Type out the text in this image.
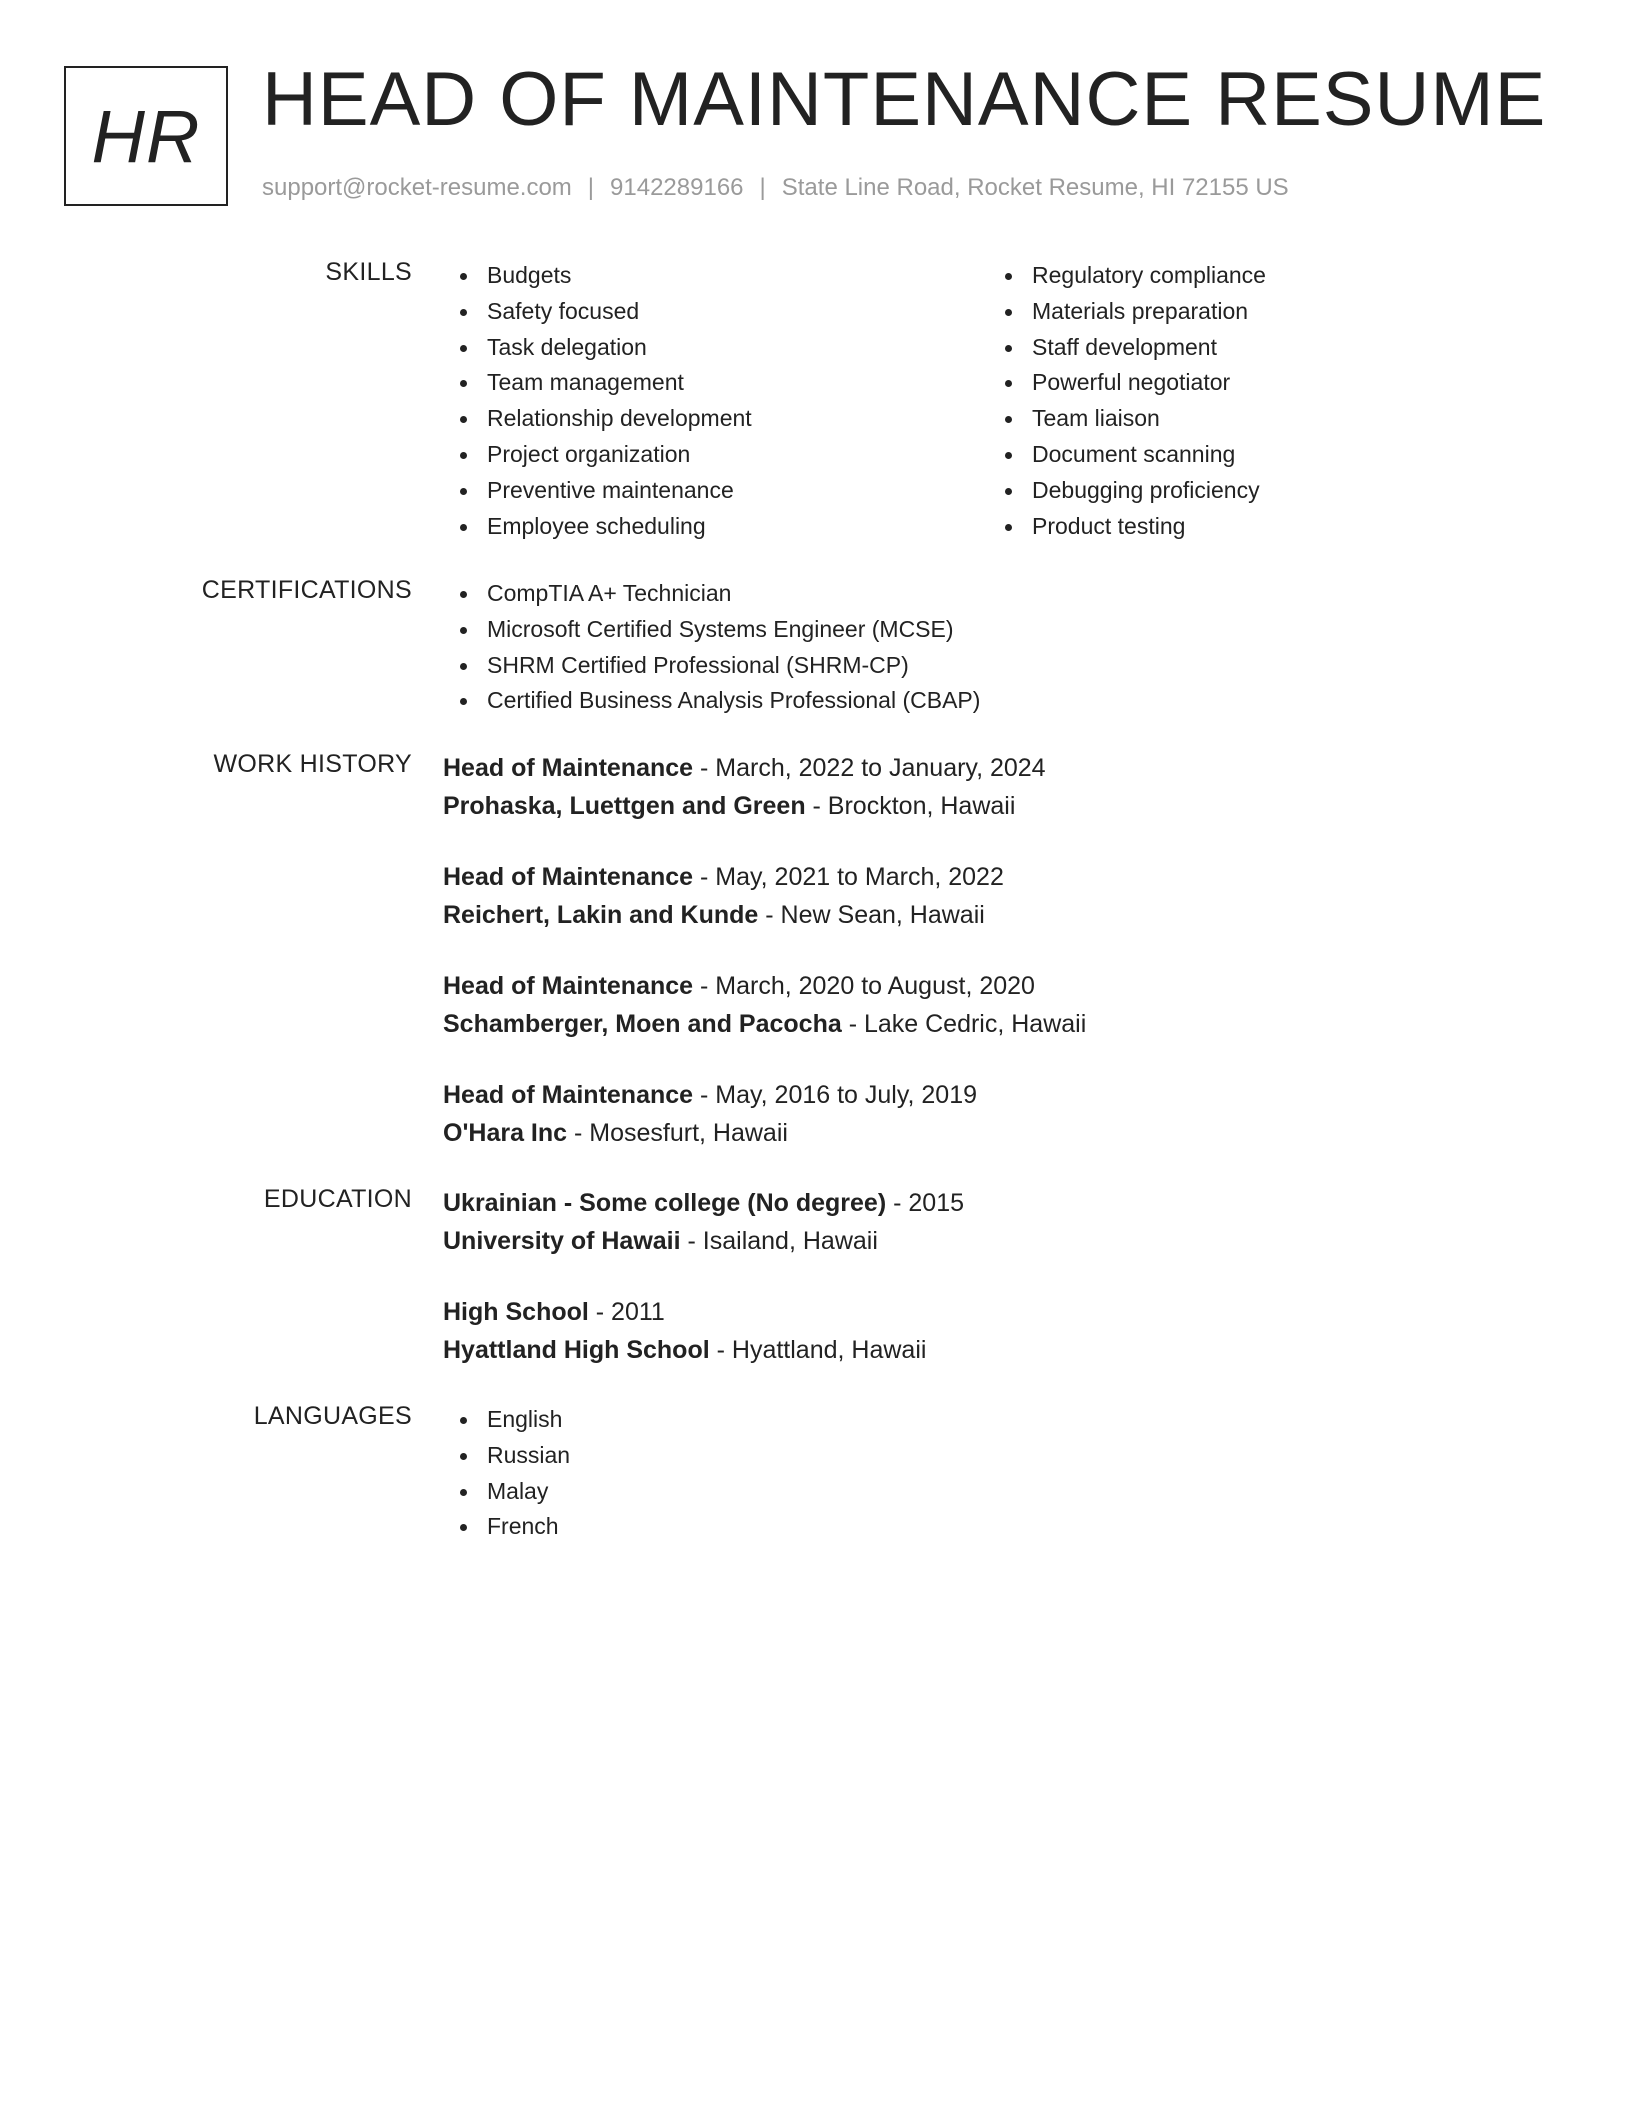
HR HEAD OF MAINTENANCE RESUME
support@rocket-resume.com | 9142289166 | State Line Road, Rocket Resume, HI 72155 US
SKILLS	Budgets
Safety focused
Task delegation
Team management
Relationship development
Project organization
Preventive maintenance
Employee scheduling
Regulatory compliance
Materials preparation
Staff development
Powerful negotiator
Team liaison
Document scanning
Debugging proficiency
Product testing
CERTIFICATIONS	CompTIA A+ Technician
Microsoft Certified Systems Engineer (MCSE)
SHRM Certified Professional (SHRM-CP)
Certified Business Analysis Professional (CBAP)
WORK HISTORY Head of Maintenance - March, 2022 to January, 2024
Prohaska, Luettgen and Green - Brockton, Hawaii
Head of Maintenance - May, 2021 to March, 2022
Reichert, Lakin and Kunde - New Sean, Hawaii
Head of Maintenance - March, 2020 to August, 2020
Schamberger, Moen and Pacocha - Lake Cedric, Hawaii
Head of Maintenance - May, 2016 to July, 2019
O'Hara Inc - Mosesfurt, Hawaii
EDUCATION Ukrainian - Some college (No degree) - 2015
University of Hawaii - Isailand, Hawaii
High School - 2011
Hyattland High School - Hyattland, Hawaii
LANGUAGES	English
Russian
Malay
French
